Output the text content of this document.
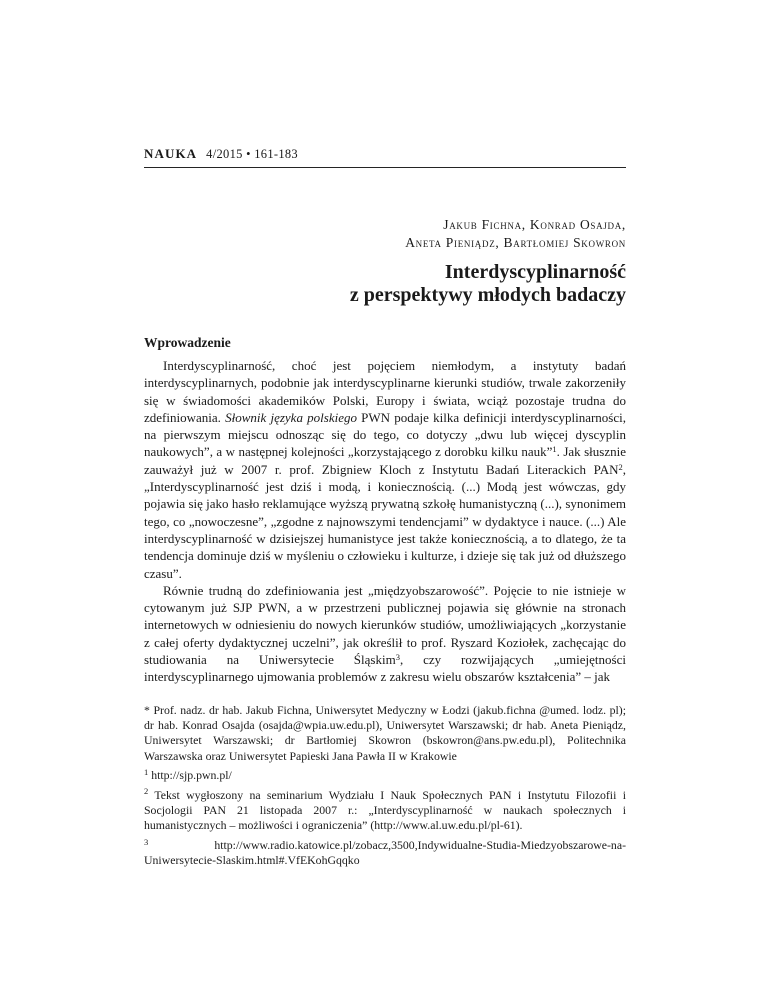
NAUKA 4/2015 • 161-183
Jakub Fichna, Konrad Osajda,
Aneta Pieniądz, Bartłomiej Skowron
Interdyscyplinarność
z perspektywy młodych badaczy
Wprowadzenie

Interdyscyplinarność, choć jest pojęciem niemłodym, a instytuty badań interdyscyplinarnych, podobnie jak interdyscyplinarne kierunki studiów, trwale zakorzeniły się w świadomości akademików Polski, Europy i świata, wciąż pozostaje trudna do zdefiniowania. Słownik języka polskiego PWN podaje kilka definicji interdyscyplinarności, na pierwszym miejscu odnosząc się do tego, co dotyczy „dwu lub więcej dyscyplin naukowych”, a w następnej kolejności „korzystającego z dorobku kilku nauk”$^1$. Jak słusznie zauważył już w 2007 r. prof. Zbigniew Kloch z Instytutu Badań Literackich PAN$^2$, „Interdyscyplinarność jest dziś i modą, i koniecznością. (...) Modą jest wówczas, gdy pojawia się jako hasło reklamujące wyższą prywatną szkołę humanistyczną (...), synonimem tego, co „nowoczesne”, „zgodne z najnowszymi tendencjami” w dydaktyce i nauce. (...) Ale interdyscyplinarność w dzisiejszej humanistyce jest także koniecznością, a to dlatego, że ta tendencja dominuje dziś w myśleniu o człowieku i kulturze, i dzieje się tak już od dłuższego czasu”.

Równie trudną do zdefiniowania jest „międzyobszarowość”. Pojęcie to nie istnieje w cytowanym już SJP PWN, a w przestrzeni publicznej pojawia się głównie na stronach internetowych w odniesieniu do nowych kierunków studiów, umożliwiających „korzystanie z całej oferty dydaktycznej uczelni”, jak określił to prof. Ryszard Koziołek, zachęcając do studiowania na Uniwersytecie Śląskim$^3$, czy rozwijających „umiejętności interdyscyplinarnego ujmowania problemów z zakresu wielu obszarów kształcenia” – jak

* Prof. nadz. dr hab. Jakub Fichna, Uniwersytet Medyczny w Łodzi (jakub.fichna @umed. lodz. pl); dr hab. Konrad Osajda (osajda@wpia.uw.edu.pl), Uniwersytet Warszawski; dr hab. Aneta Pieniądz, Uniwersytet Warszawski; dr Bartłomiej Skowron (bskowron@ans.pw.edu.pl), Politechnika Warszawska oraz Uniwersytet Papieski Jana Pawła II w Krakowie

$^1$ http://sjp.pwn.pl/

$^2$ Tekst wygłoszony na seminarium Wydziału I Nauk Społecznych PAN i Instytutu Filozofii i Socjologii PAN 21 listopada 2007 r.: „Interdyscyplinarność w naukach społecznych i humanistycznych – możliwości i ograniczenia” (http://www.al.uw.edu.pl/pl-61).

$^3$	http://www.radio.katowice.pl/zobacz,3500,Indywidualne-Studia-Miedzyobszarowe-na-Uniwersytecie-Slaskim.html#.VfEKohGqqko
